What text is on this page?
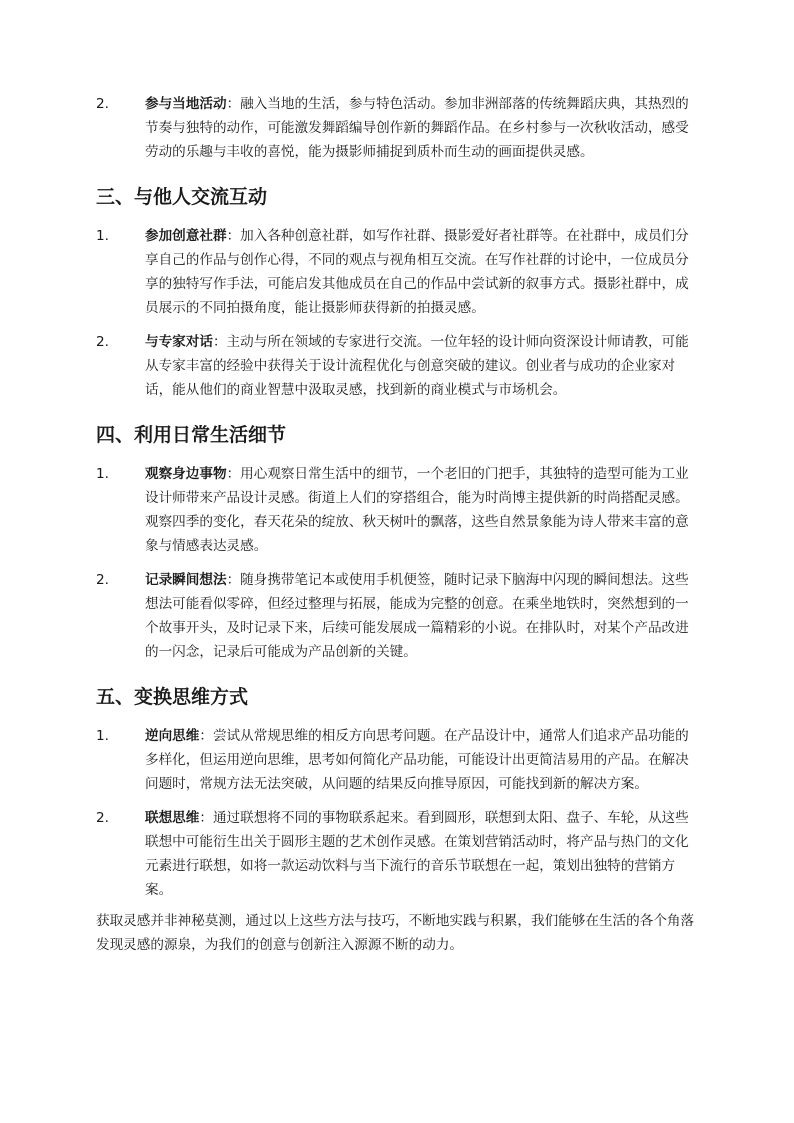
2.	参与当地活动：融入当地的生活，参与特色活动。参加非洲部落的传统舞蹈庆典，其热烈的节奏与独特的动作，可能激发舞蹈编导创作新的舞蹈作品。在乡村参与一次秋收活动，感受劳动的乐趣与丰收的喜悦，能为摄影师捕捉到质朴而生动的画面提供灵感。
三、与他人交流互动
1.	参加创意社群：加入各种创意社群，如写作社群、摄影爱好者社群等。在社群中，成员们分享自己的作品与创作心得，不同的观点与视角相互交流。在写作社群的讨论中，一位成员分享的独特写作手法，可能启发其他成员在自己的作品中尝试新的叙事方式。摄影社群中，成员展示的不同拍摄角度，能让摄影师获得新的拍摄灵感。
2.	与专家对话：主动与所在领域的专家进行交流。一位年轻的设计师向资深设计师请教，可能从专家丰富的经验中获得关于设计流程优化与创意突破的建议。创业者与成功的企业家对话，能从他们的商业智慧中汲取灵感，找到新的商业模式与市场机会。
四、利用日常生活细节
1.	观察身边事物：用心观察日常生活中的细节，一个老旧的门把手，其独特的造型可能为工业设计师带来产品设计灵感。街道上人们的穿搭组合，能为时尚博主提供新的时尚搭配灵感。观察四季的变化，春天花朵的绽放、秋天树叶的飘落，这些自然景象能为诗人带来丰富的意象与情感表达灵感。
2.	记录瞬间想法：随身携带笔记本或使用手机便签，随时记录下脑海中闪现的瞬间想法。这些想法可能看似零碎，但经过整理与拓展，能成为完整的创意。在乘坐地铁时，突然想到的一个故事开头，及时记录下来，后续可能发展成一篇精彩的小说。在排队时，对某个产品改进的一闪念，记录后可能成为产品创新的关键。
五、变换思维方式
1.	逆向思维：尝试从常规思维的相反方向思考问题。在产品设计中，通常人们追求产品功能的多样化，但运用逆向思维，思考如何简化产品功能，可能设计出更简洁易用的产品。在解决问题时，常规方法无法突破，从问题的结果反向推导原因，可能找到新的解决方案。
2.	联想思维：通过联想将不同的事物联系起来。看到圆形，联想到太阳、盘子、车轮，从这些联想中可能衍生出关于圆形主题的艺术创作灵感。在策划营销活动时，将产品与热门的文化元素进行联想，如将一款运动饮料与当下流行的音乐节联想在一起，策划出独特的营销方案。

获取灵感并非神秘莫测，通过以上这些方法与技巧，不断地实践与积累，我们能够在生活的各个角落发现灵感的源泉，为我们的创意与创新注入源源不断的动力。
